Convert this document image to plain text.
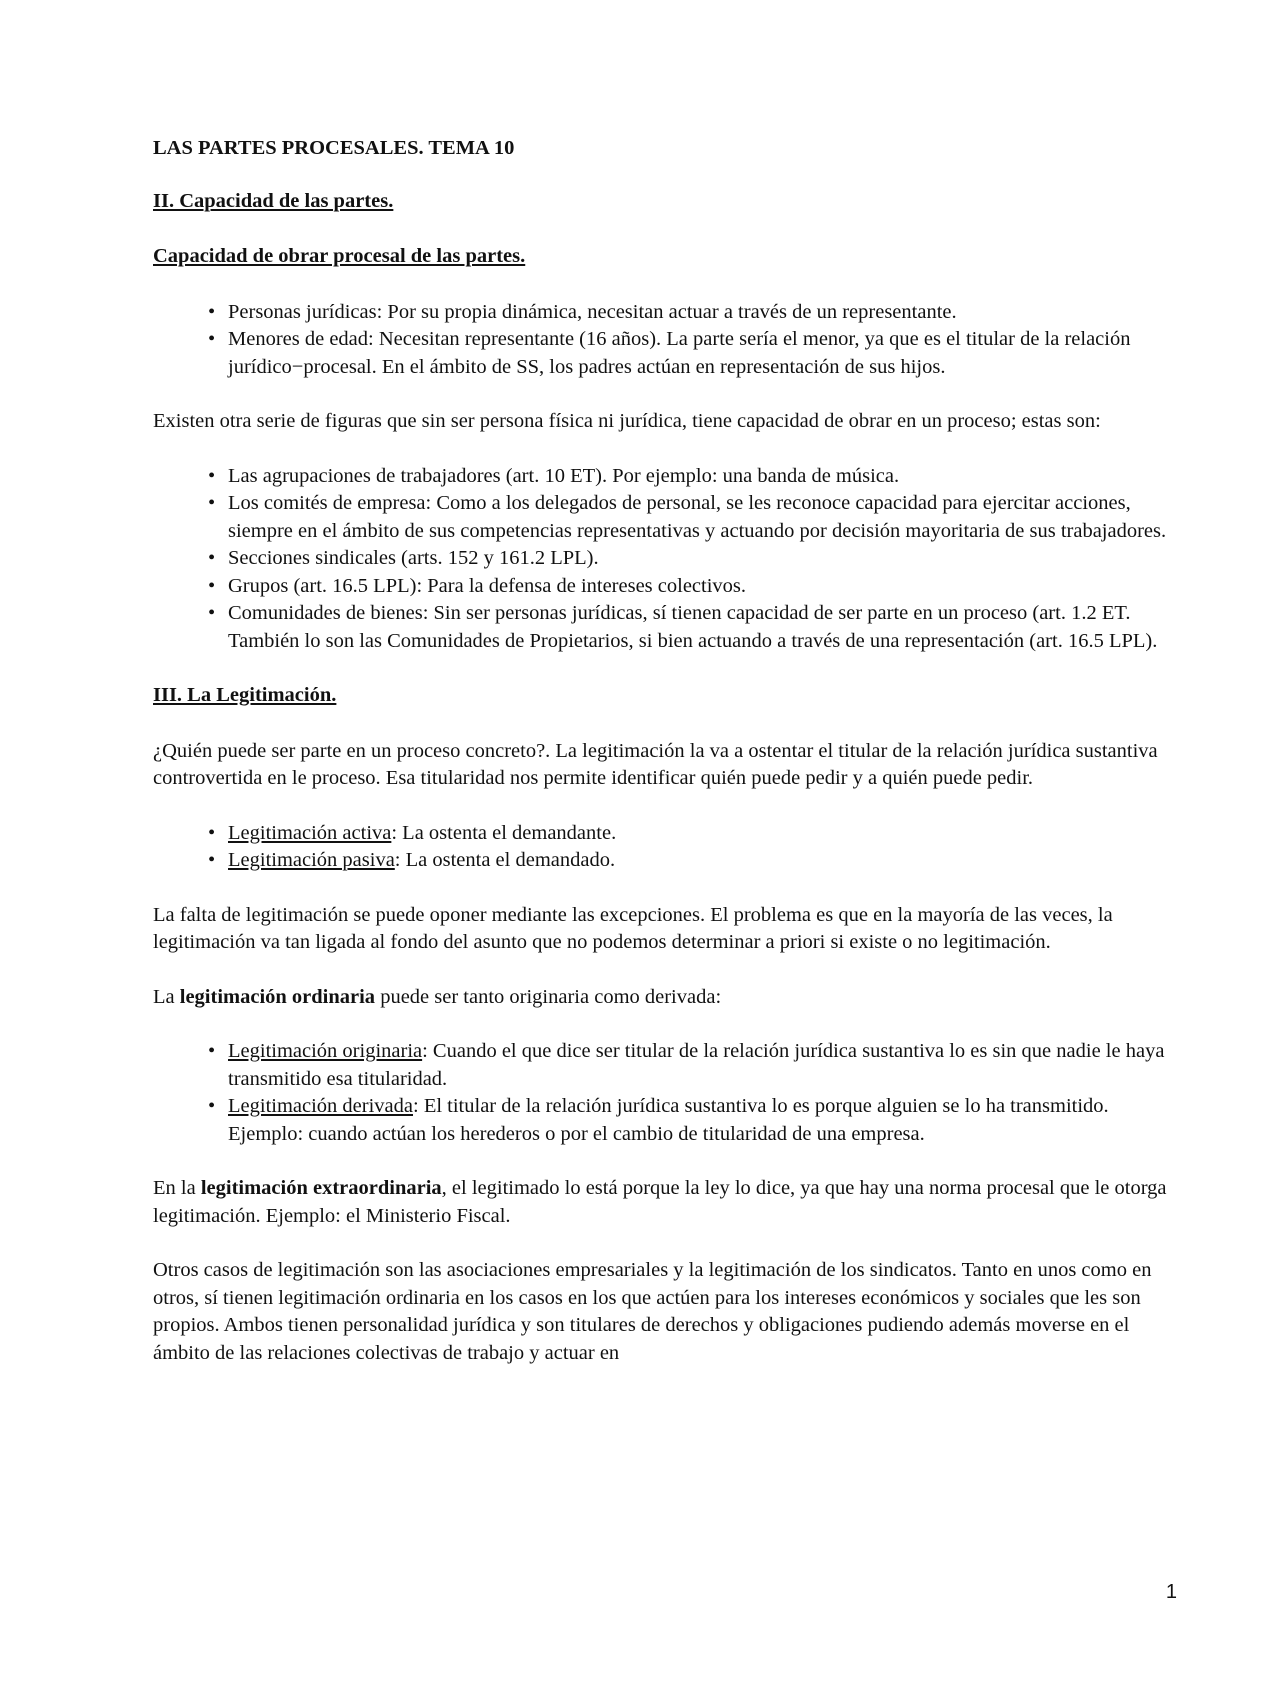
LAS PARTES PROCESALES. TEMA 10
II. Capacidad de las partes.
Capacidad de obrar procesal de las partes.
• Personas jurídicas: Por su propia dinámica, necesitan actuar a través de un representante.
• Menores de edad: Necesitan representante (16 años). La parte sería el menor, ya que es el titular de la relación jurídico−procesal. En el ámbito de SS, los padres actúan en representación de sus hijos.

Existen otra serie de figuras que sin ser persona física ni jurídica, tiene capacidad de obrar en un proceso; estas son:

• Las agrupaciones de trabajadores (art. 10 ET). Por ejemplo: una banda de música.
• Los comités de empresa: Como a los delegados de personal, se les reconoce capacidad para ejercitar acciones, siempre en el ámbito de sus competencias representativas y actuando por decisión mayoritaria de sus trabajadores.
• Secciones sindicales (arts. 152 y 161.2 LPL).
• Grupos (art. 16.5 LPL): Para la defensa de intereses colectivos.
• Comunidades de bienes: Sin ser personas jurídicas, sí tienen capacidad de ser parte en un proceso (art. 1.2 ET. También lo son las Comunidades de Propietarios, si bien actuando a través de una representación (art. 16.5 LPL).
III. La Legitimación.

¿Quién puede ser parte en un proceso concreto?. La legitimación la va a ostentar el titular de la relación jurídica sustantiva controvertida en le proceso. Esa titularidad nos permite identificar quién puede pedir y a quién puede pedir.

• Legitimación activa: La ostenta el demandante.
• Legitimación pasiva: La ostenta el demandado.

La falta de legitimación se puede oponer mediante las excepciones. El problema es que en la mayoría de las veces, la legitimación va tan ligada al fondo del asunto que no podemos determinar a priori si existe o no legitimación.

La legitimación ordinaria puede ser tanto originaria como derivada:

• Legitimación originaria: Cuando el que dice ser titular de la relación jurídica sustantiva lo es sin que nadie le haya transmitido esa titularidad.
• Legitimación derivada: El titular de la relación jurídica sustantiva lo es porque alguien se lo ha transmitido. Ejemplo: cuando actúan los herederos o por el cambio de titularidad de una empresa.

En la legitimación extraordinaria, el legitimado lo está porque la ley lo dice, ya que hay una norma procesal que le otorga legitimación. Ejemplo: el Ministerio Fiscal.

Otros casos de legitimación son las asociaciones empresariales y la legitimación de los sindicatos. Tanto en unos como en otros, sí tienen legitimación ordinaria en los casos en los que actúen para los intereses económicos y sociales que les son propios. Ambos tienen personalidad jurídica y son titulares de derechos y obligaciones pudiendo además moverse en el ámbito de las relaciones colectivas de trabajo y actuar en

1
